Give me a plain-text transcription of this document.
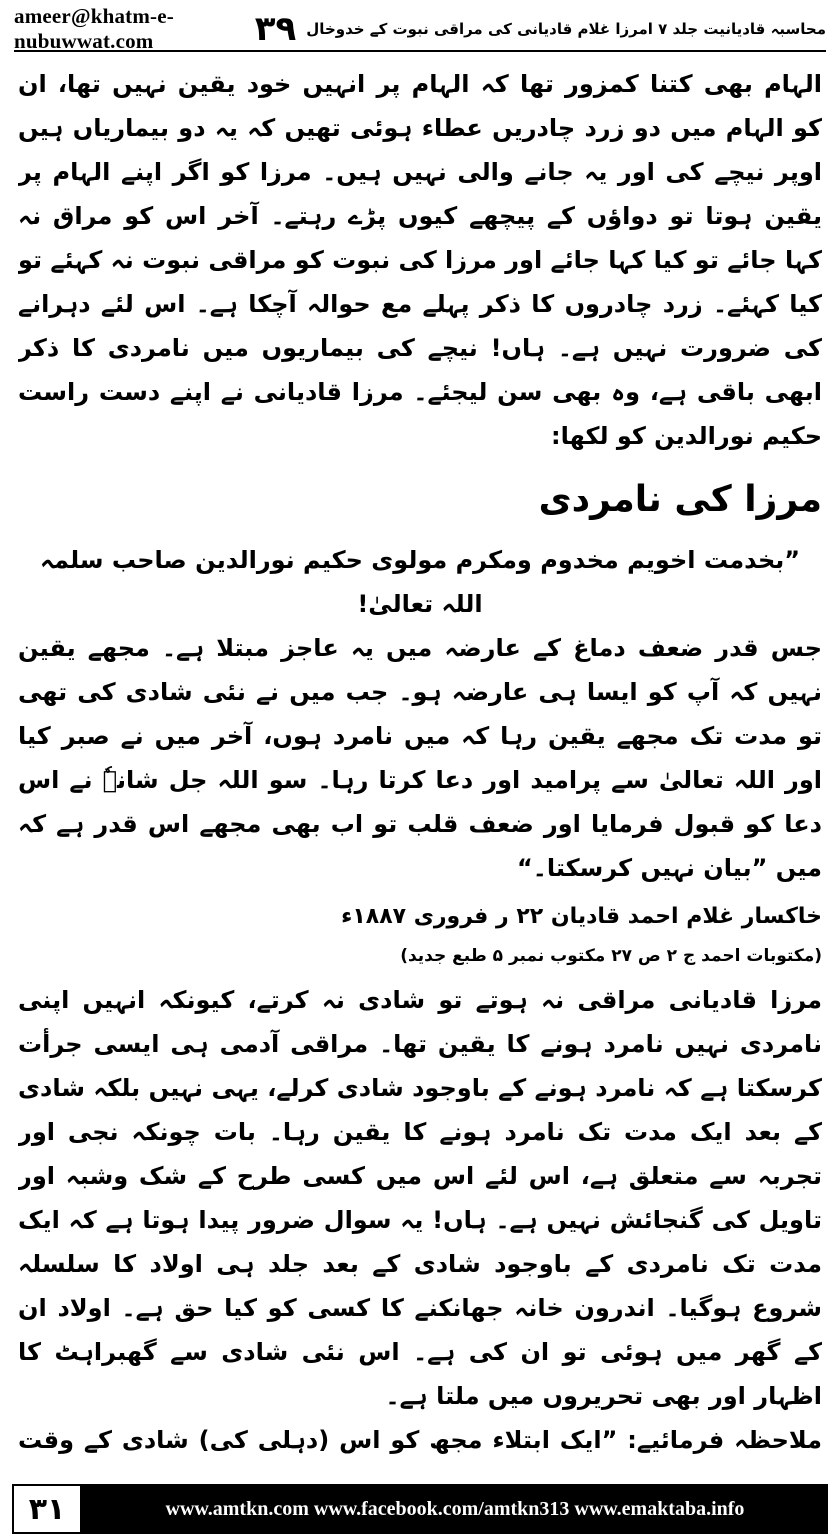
ameer@khatm-e-nubuwwat.com	۳۹ محاسبہ قادیانیت جلد ۷ امرزا غلام قادیانی کی مراقی نبوت کے خدوخال

الہام بھی کتنا کمزور تھا کہ الہام پر انہیں خود یقین نہیں تھا، ان کو الہام میں دو زرد چادریں عطاء ہوئی تھیں کہ یہ دو بیماریاں ہیں اوپر نیچے کی اور یہ جانے والی نہیں ہیں۔ مرزا کو اگر اپنے الہام پر یقین ہوتا تو دواؤں کے پیچھے کیوں پڑے رہتے۔ آخر اس کو مراق نہ کہا جائے تو کیا کہا جائے اور مرزا کی نبوت کو مراقی نبوت نہ کہئے تو کیا کہئے۔ زرد چادروں کا ذکر پہلے مع حوالہ آچکا ہے۔ اس لئے دہرانے کی ضرورت نہیں ہے۔ ہاں! نیچے کی بیماریوں میں نامردی کا ذکر ابھی باقی ہے، وہ بھی سن لیجئے۔ مرزا قادیانی نے اپنے دست راست حکیم نورالدین کو لکھا:

مرزا کی نامردی

”بخدمت اخویم مخدوم ومکرم مولوی حکیم نورالدین صاحب سلمہ اللہ تعالیٰ!

جس قدر ضعف دماغ کے عارضہ میں یہ عاجز مبتلا ہے۔ مجھے یقین نہیں کہ آپ کو ایسا ہی عارضہ ہو۔ جب میں نے نئی شادی کی تھی تو مدت تک مجھے یقین رہا کہ میں نامرد ہوں، آخر میں نے صبر کیا اور اللہ تعالیٰ سے پرامید اور دعا کرتا رہا۔ سو اللہ جل شانہٗ نے اس دعا کو قبول فرمایا اور ضعف قلب تو اب بھی مجھے اس قدر ہے کہ میں ”بیان نہیں کرسکتا۔“

خاکسار غلام احمد قادیان ۲۲ ر فروری ۱۸۸۷ء

(مکتوبات احمد ج ۲ ص ۲۷ مکتوب نمبر ۵ طبع جدید)

مرزا قادیانی مراقی نہ ہوتے تو شادی نہ کرتے، کیونکہ انہیں اپنی نامردی نہیں نامرد ہونے کا یقین تھا۔ مراقی آدمی ہی ایسی جرأت کرسکتا ہے کہ نامرد ہونے کے باوجود شادی کرلے، یہی نہیں بلکہ شادی کے بعد ایک مدت تک نامرد ہونے کا یقین رہا۔ بات چونکہ نجی اور تجربہ سے متعلق ہے، اس لئے اس میں کسی طرح کے شک وشبہ اور تاویل کی گنجائش نہیں ہے۔ ہاں! یہ سوال ضرور پیدا ہوتا ہے کہ ایک مدت تک نامردی کے باوجود شادی کے بعد جلد ہی اولاد کا سلسلہ شروع ہوگیا۔ اندرون خانہ جھانکنے کا کسی کو کیا حق ہے۔ اولاد ان کے گھر میں ہوئی تو ان کی ہے۔ اس نئی شادی سے گھبراہٹ کا اظہار اور بھی تحریروں میں ملتا ہے۔

ملاحظہ فرمائیے: ”ایک ابتلاء مجھ کو اس (دہلی کی) شادی کے وقت

۳۱	www.amtkn.com www.facebook.com/amtkn313 www.emaktaba.info
